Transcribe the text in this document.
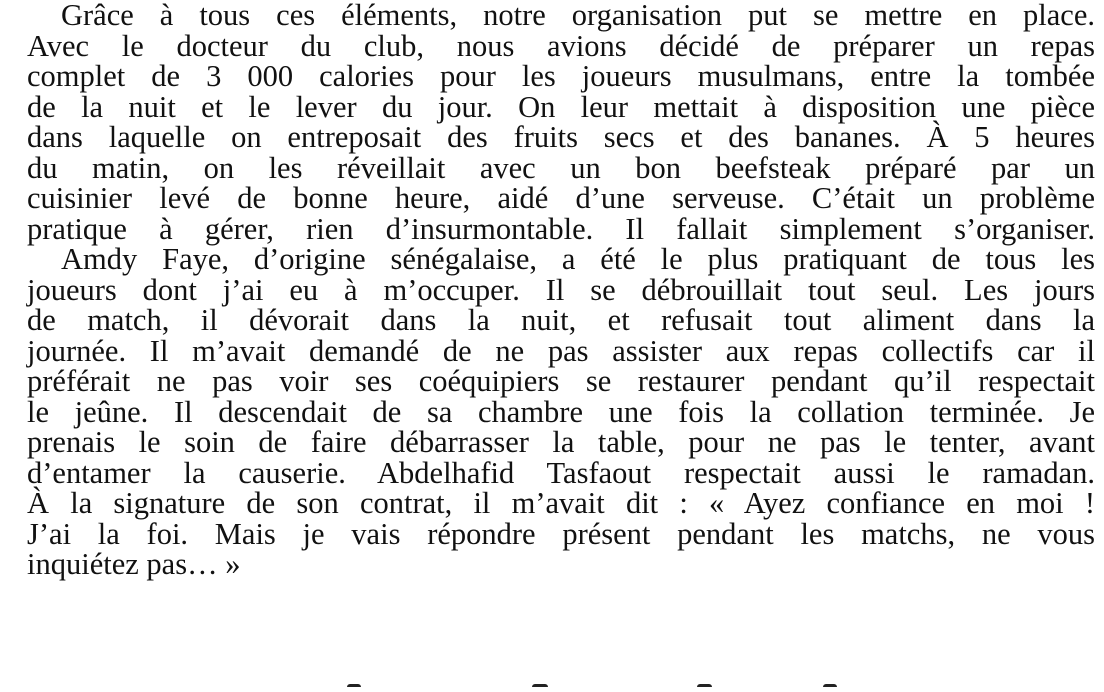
Grâce à tous ces éléments, notre organisation put se mettre en place.
Avec le docteur du club, nous avions décidé de préparer un repas
complet de 3 000 calories pour les joueurs musulmans, entre la tombée
de la nuit et le lever du jour. On leur mettait à disposition une pièce
dans laquelle on entreposait des fruits secs et des bananes. À 5 heures
du matin, on les réveillait avec un bon beefsteak préparé par un
cuisinier levé de bonne heure, aidé d’une serveuse. C’était un problème
pratique à gérer, rien d’insurmontable. Il fallait simplement s’organiser.

Amdy Faye, d’origine sénégalaise, a été le plus pratiquant de tous les
joueurs dont j’ai eu à m’occuper. Il se débrouillait tout seul. Les jours
de match, il dévorait dans la nuit, et refusait tout aliment dans la
journée. Il m’avait demandé de ne pas assister aux repas collectifs car il
préférait ne pas voir ses coéquipiers se restaurer pendant qu’il respectait
le jeûne. Il descendait de sa chambre une fois la collation terminée. Je
prenais le soin de faire débarrasser la table, pour ne pas le tenter, avant
d’entamer la causerie. Abdelhafid Tasfaout respectait aussi le ramadan.
À la signature de son contrat, il m’avait dit : « Ayez confiance en moi !
J’ai la foi. Mais je vais répondre présent pendant les matchs, ne vous
inquiétez pas… »
